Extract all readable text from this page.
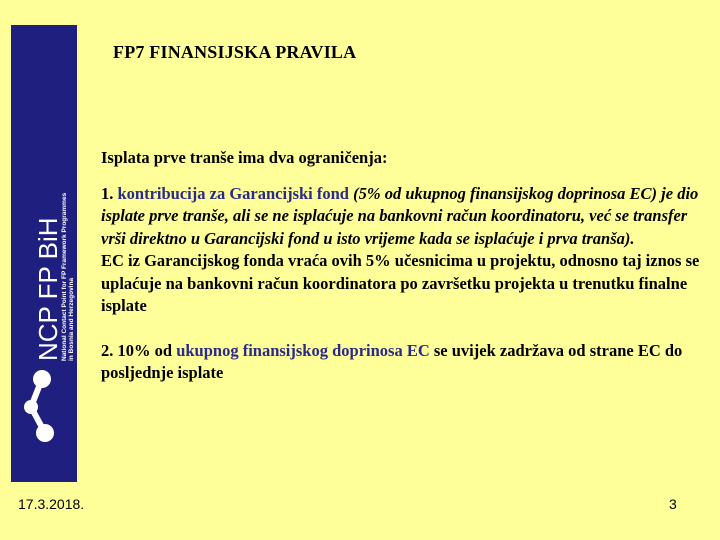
NCP FP BiH
National Contact Point for FP Framework Programmes in Bosnia and Herzegovina
FP7 FINANSIJSKA PRAVILA

Isplata prve tranše ima dva ograničenja:

1. kontribucija za Garancijski fond (5% od ukupnog finansijskog doprinosa EC) je dio isplate prve tranše, ali se ne isplaćuje na bankovni račun koordinatoru, već se transfer vrši direktno u Garancijski fond u isto vrijeme kada se isplaćuje i prva tranša).

EC iz Garancijskog fonda vraća ovih 5% učesnicima u projektu, odnosno taj iznos se uplaćuje na bankovni račun koordinatora po završetku projekta u trenutku finalne isplate

2. 10% od ukupnog finansijskog doprinosa EC se uvijek zadržava od strane EC do posljednje isplate

17.3.2018.	3
